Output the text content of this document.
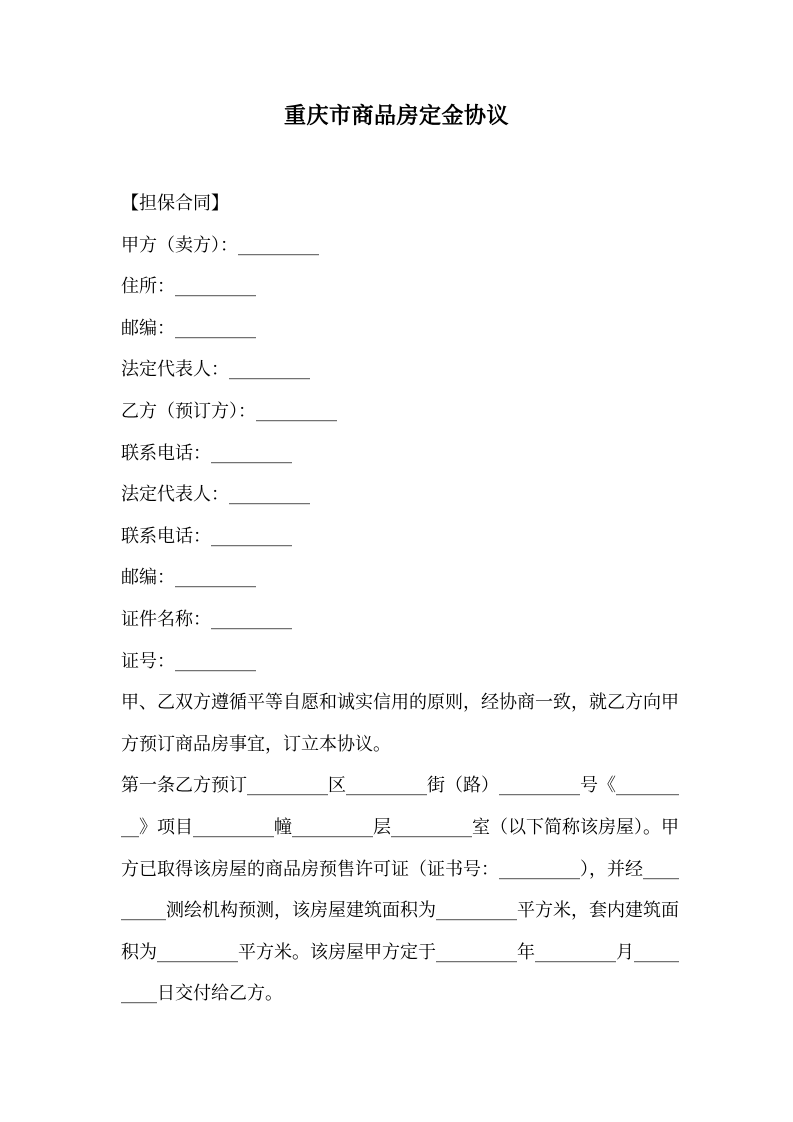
重庆市商品房定金协议
【担保合同】
甲方（卖方）：_________
住所：_________
邮编：_________
法定代表人：_________
乙方（预订方）：_________
联系电话：_________
法定代表人：_________
联系电话：_________
邮编：_________
证件名称：_________
证号：_________
甲、乙双方遵循平等自愿和诚实信用的原则，经协商一致，就乙方向甲方预订商品房事宜，订立本协议。
第一条乙方预订_________区_________街（路）_________号《_________》项目_________幢_________层_________室（以下简称该房屋）。甲方已取得该房屋的商品房预售许可证（证书号：_________），并经_________测绘机构预测，该房屋建筑面积为_________平方米，套内建筑面积为_________平方米。该房屋甲方定于_________年_________月_________日交付给乙方。
